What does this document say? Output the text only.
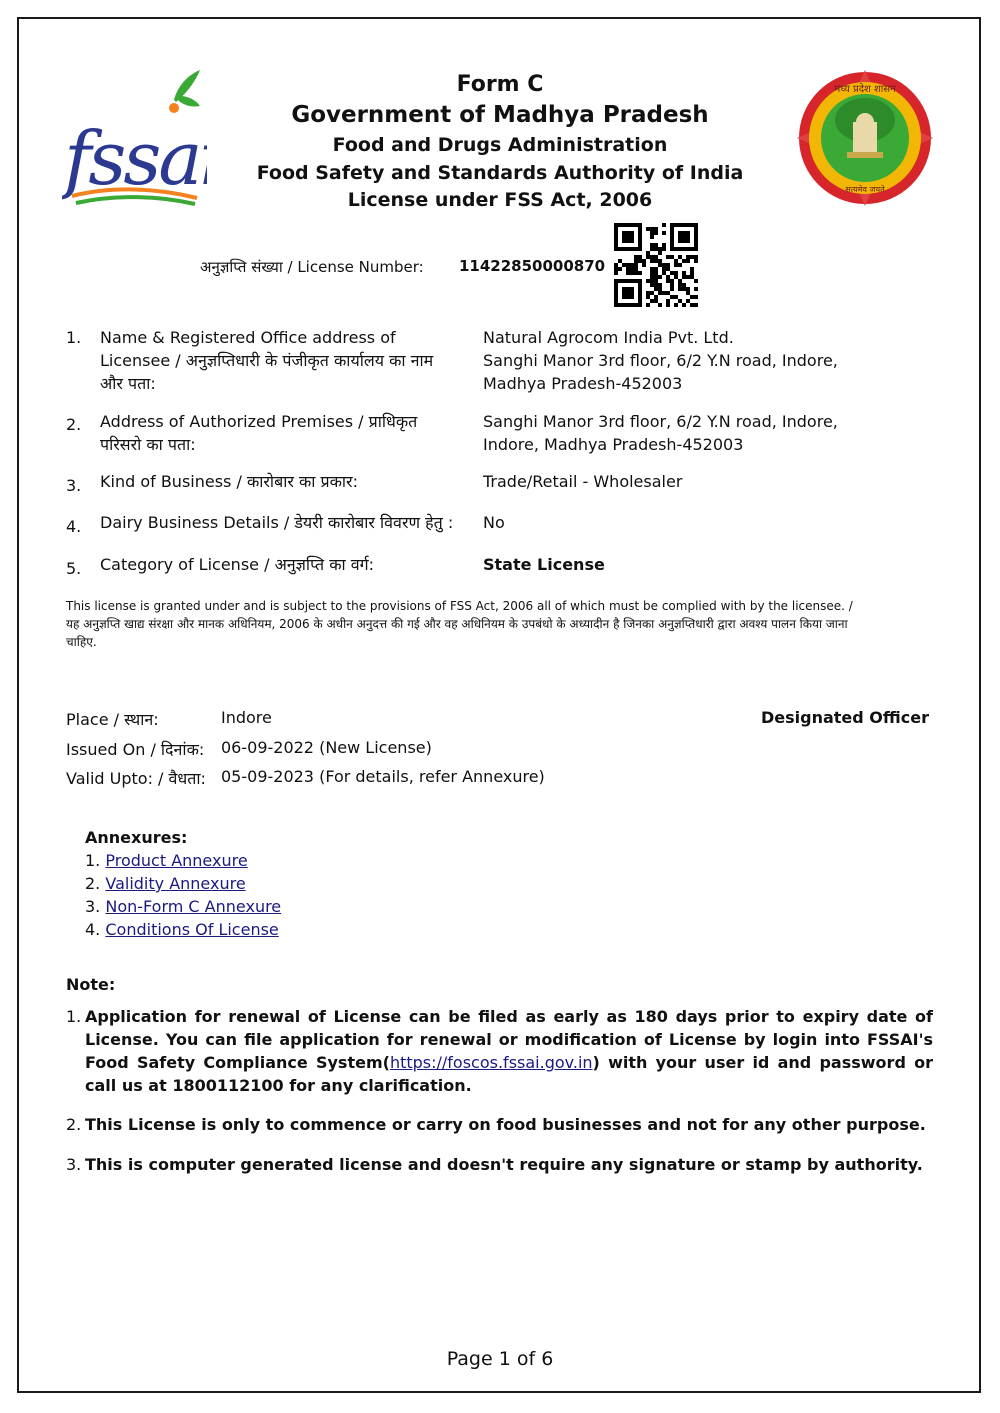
fssai
Form C
Government of Madhya Pradesh
Food and Drugs Administration
Food Safety and Standards Authority of India
License under FSS Act, 2006
मध्य प्रदेश शासन
सत्यमेव जयते
अनुज्ञप्ति संख्या / License Number: 11422850000870
1. Name & Registered Office address of Licensee / अनुज्ञप्तिधारी के पंजीकृत कार्यालय का नाम और पता:
Natural Agrocom India Pvt. Ltd.
Sanghi Manor 3rd floor, 6/2 Y.N road, Indore,
Madhya Pradesh-452003
2. Address of Authorized Premises / प्राधिकृत परिसरो का पता:
Sanghi Manor 3rd floor, 6/2 Y.N road, Indore,
Indore, Madhya Pradesh-452003
3. Kind of Business / कारोबार का प्रकार:	Trade/Retail - Wholesaler
4. Dairy Business Details / डेयरी कारोबार विवरण हेतु :	No
5. Category of License / अनुज्ञप्ति का वर्ग:	State License
This license is granted under and is subject to the provisions of FSS Act, 2006 all of which must be complied with by the licensee. / यह अनुज्ञप्ति खाद्य संरक्षा और मानक अधिनियम, 2006 के अधीन अनुदत्त की गई और वह अधिनियम के उपबंधो के अध्यादीन है जिनका अनुज्ञप्तिधारी द्वारा अवश्य पालन किया जाना चाहिए.
Place / स्थान:	Indore
Issued On / दिनांक: 06-09-2022 (New License)
Valid Upto: / वैधता: 05-09-2023 (For details, refer Annexure)
Designated Officer
Annexures:
1. Product Annexure
2. Validity Annexure
3. Non-Form C Annexure
4. Conditions Of License
Note:
1. Application for renewal of License can be filed as early as 180 days prior to expiry date of License. You can file application for renewal or modification of License by login into FSSAI's Food Safety Compliance System(https://foscos.fssai.gov.in) with your user id and password or call us at 1800112100 for any clarification.
2. This License is only to commence or carry on food businesses and not for any other purpose.
3. This is computer generated license and doesn't require any signature or stamp by authority.
Page 1 of 6
